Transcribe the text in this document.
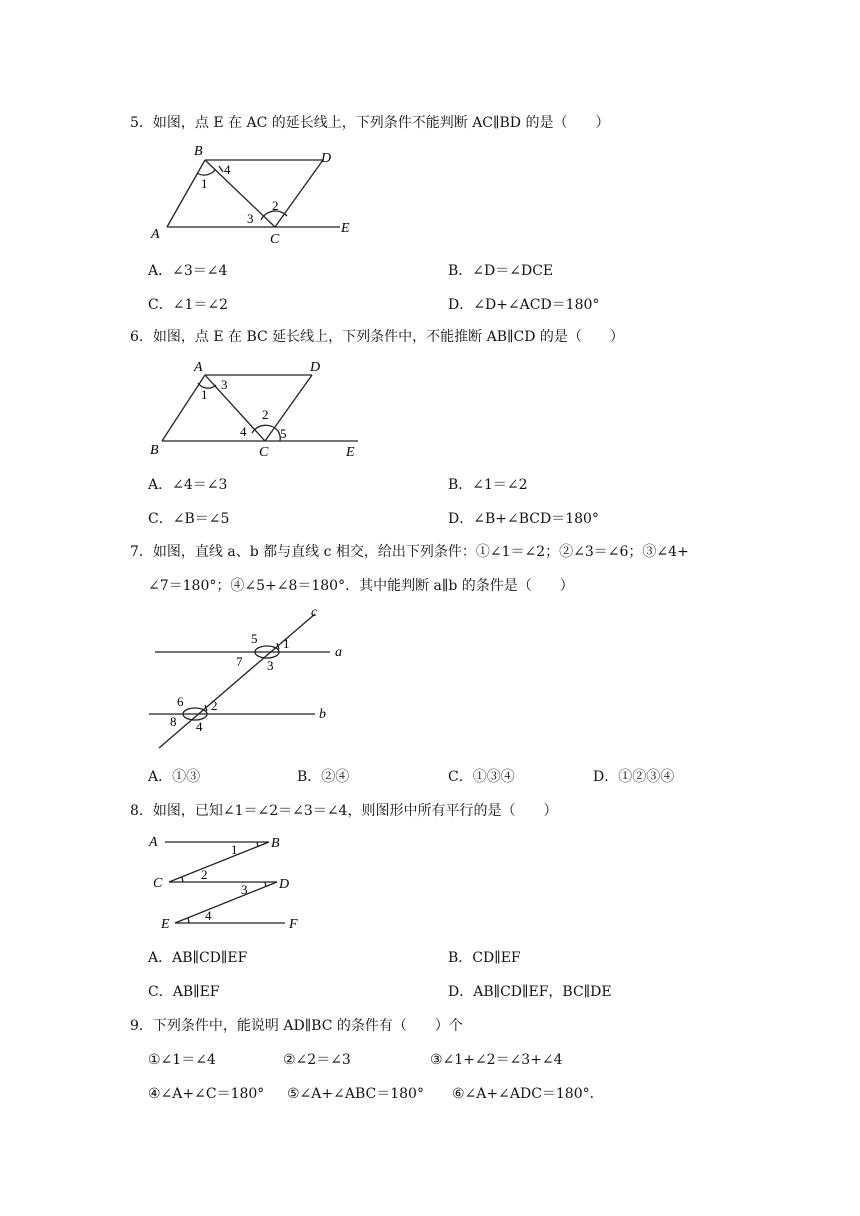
5．如图，点 E 在 AC 的延长线上，下列条件不能判断 AC∥BD 的是（　　）
B	D
A	C
E
1
4
2
3
A．∠3＝∠4	B．∠D＝∠DCE
C．∠1＝∠2	D．∠D+∠ACD＝180°
6．如图，点 E 在 BC 延长线上，下列条件中，不能推断 AB∥CD 的是（　　）
A	D
B	C	E
1
3
2
4	5
A．∠4＝∠3	B．∠1＝∠2
C．∠B＝∠5	D．∠B+∠BCD＝180°
7．如图，直线 a、b 都与直线 c 相交，给出下列条件：①∠1＝∠2；②∠3＝∠6；③∠4+
∠7＝180°；④∠5+∠8＝180°．其中能判断 a∥b 的条件是（　　）
c
a
b
5 1
7 3
6 2
8 4
A．①③	B．②④	C．①③④	D．①②③④
8．如图，已知∠1＝∠2＝∠3＝∠4，则图形中所有平行的是（　　）
A	B
C	D
E	F
1
2
3
4
A．AB∥CD∥EF	B．CD∥EF
C．AB∥EF	D．AB∥CD∥EF，BC∥DE
9．下列条件中，能说明 AD∥BC 的条件有（　　）个
①∠1＝∠4	②∠2＝∠3	③∠1+∠2＝∠3+∠4
④∠A+∠C＝180° ⑤∠A+∠ABC＝180° ⑥∠A+∠ADC＝180°．
